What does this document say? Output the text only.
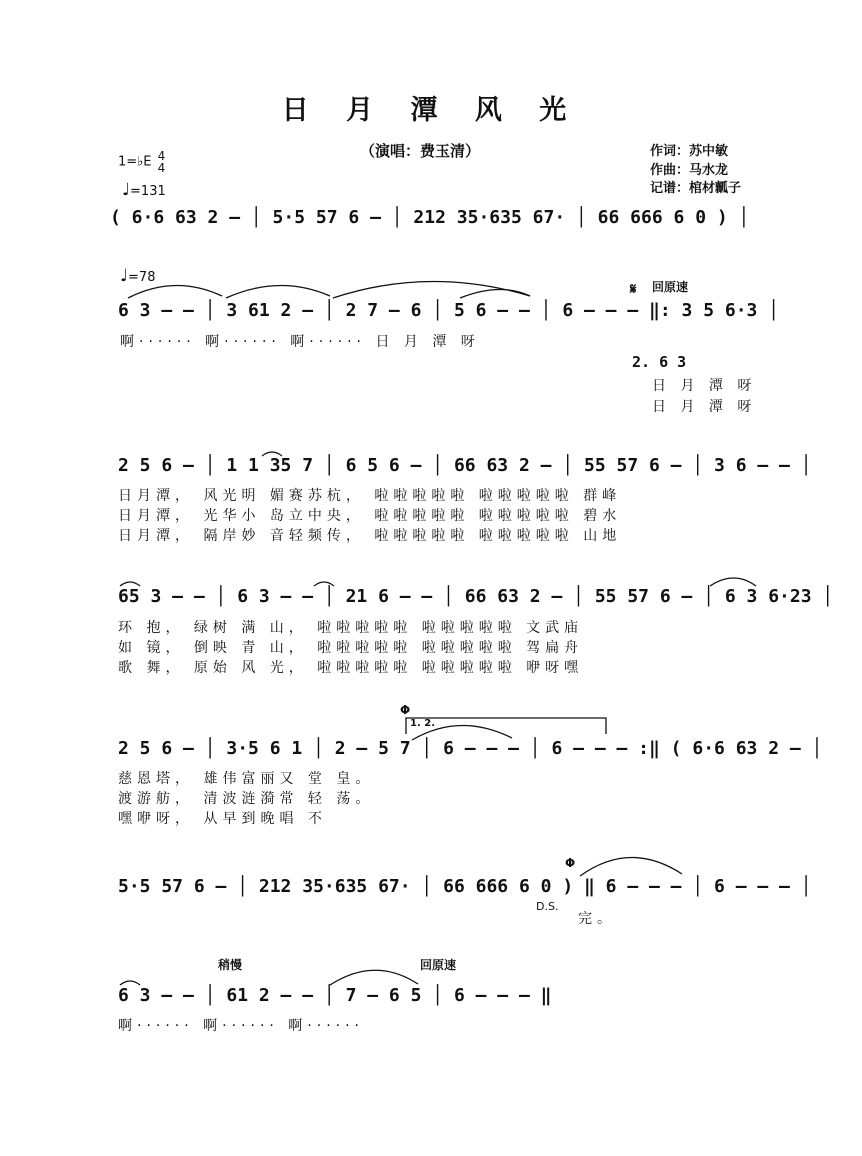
日 月 潭 风 光
（演唱：费玉清）	作词：苏中敏
作曲：马水龙
记谱：棺材瓤子
1=♭E 4
4
♩=131
( 6·6 63 2 – │ 5·5 57 6 – │ 212 35·635 67· │ 66 666 6 0 ) │
♩=78
𝄋 回原速
6 3 – – │ 3 61 2 – │ 2 7 – 6 │ 5 6 – – │ 6 – – – ‖: 3 5 6·3 │
啊······ 啊······ 啊······ 日 月 潭 呀
2. 6 3
日 月 潭 呀
日 月 潭 呀
2 5 6 – │ 1 1 35 7 │ 6 5 6 – │ 66 63 2 – │ 55 57 6 – │ 3 6 – – │
日月潭， 风光明 媚赛苏杭， 啦啦啦啦啦 啦啦啦啦啦 群峰
日月潭， 光华小 岛立中央， 啦啦啦啦啦 啦啦啦啦啦 碧水
日月潭， 隔岸妙 音轻频传， 啦啦啦啦啦 啦啦啦啦啦 山地
65 3 – – │ 6 3 – – │ 21 6 – – │ 66 63 2 – │ 55 57 6 – │ 6 3 6·23 │
环 抱， 绿树 满 山， 啦啦啦啦啦 啦啦啦啦啦 文武庙
如 镜， 倒映 青 山， 啦啦啦啦啦 啦啦啦啦啦 驾扁舟
歌 舞， 原始 风 光， 啦啦啦啦啦 啦啦啦啦啦 咿呀嘿
Φ
1. 2.
2 5 6 – │ 3·5 6 1 │ 2 – 5 7 │ 6 – – – │ 6 – – – :‖ ( 6·6 63 2 – │
慈恩塔， 雄伟富丽又 堂 皇。
渡游舫， 清波涟漪常 轻 荡。
嘿咿呀， 从早到晚唱 不
Φ
5·5 57 6 – │ 212 35·635 67· │ 66 666 6 0 ) ‖ 6 – – – │ 6 – – – │
D.S.
完。
稍慢	回原速
6 3 – – │ 61 2 – – │ 7 – 6 5 │ 6 – – – ‖
啊······ 啊······ 啊······
